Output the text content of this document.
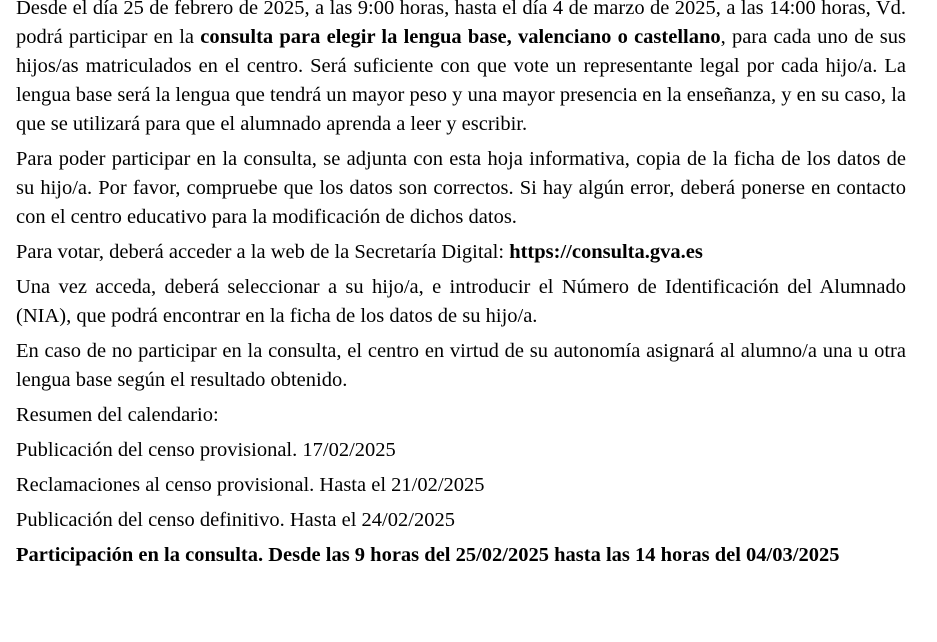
Desde el día 25 de febrero de 2025, a las 9:00 horas, hasta el día 4 de marzo de 2025, a las 14:00 horas, Vd. podrá participar en la consulta para elegir la lengua base, valenciano o castellano, para cada uno de sus hijos/as matriculados en el centro. Será suficiente con que vote un representante legal por cada hijo/a. La lengua base será la lengua que tendrá un mayor peso y una mayor presencia en la enseñanza, y en su caso, la que se utilizará para que el alumnado aprenda a leer y escribir.

Para poder participar en la consulta, se adjunta con esta hoja informativa, copia de la ficha de los datos de su hijo/a. Por favor, compruebe que los datos son correctos. Si hay algún error, deberá ponerse en contacto con el centro educativo para la modificación de dichos datos.

Para votar, deberá acceder a la web de la Secretaría Digital: https://consulta.gva.es

Una vez acceda, deberá seleccionar a su hijo/a, e introducir el Número de Identificación del Alumnado (NIA), que podrá encontrar en la ficha de los datos de su hijo/a.

En caso de no participar en la consulta, el centro en virtud de su autonomía asignará al alumno/a una u otra lengua base según el resultado obtenido.

Resumen del calendario:

Publicación del censo provisional. 17/02/2025

Reclamaciones al censo provisional. Hasta el 21/02/2025

Publicación del censo definitivo. Hasta el 24/02/2025

Participación en la consulta. Desde las 9 horas del 25/02/2025 hasta las 14 horas del 04/03/2025
